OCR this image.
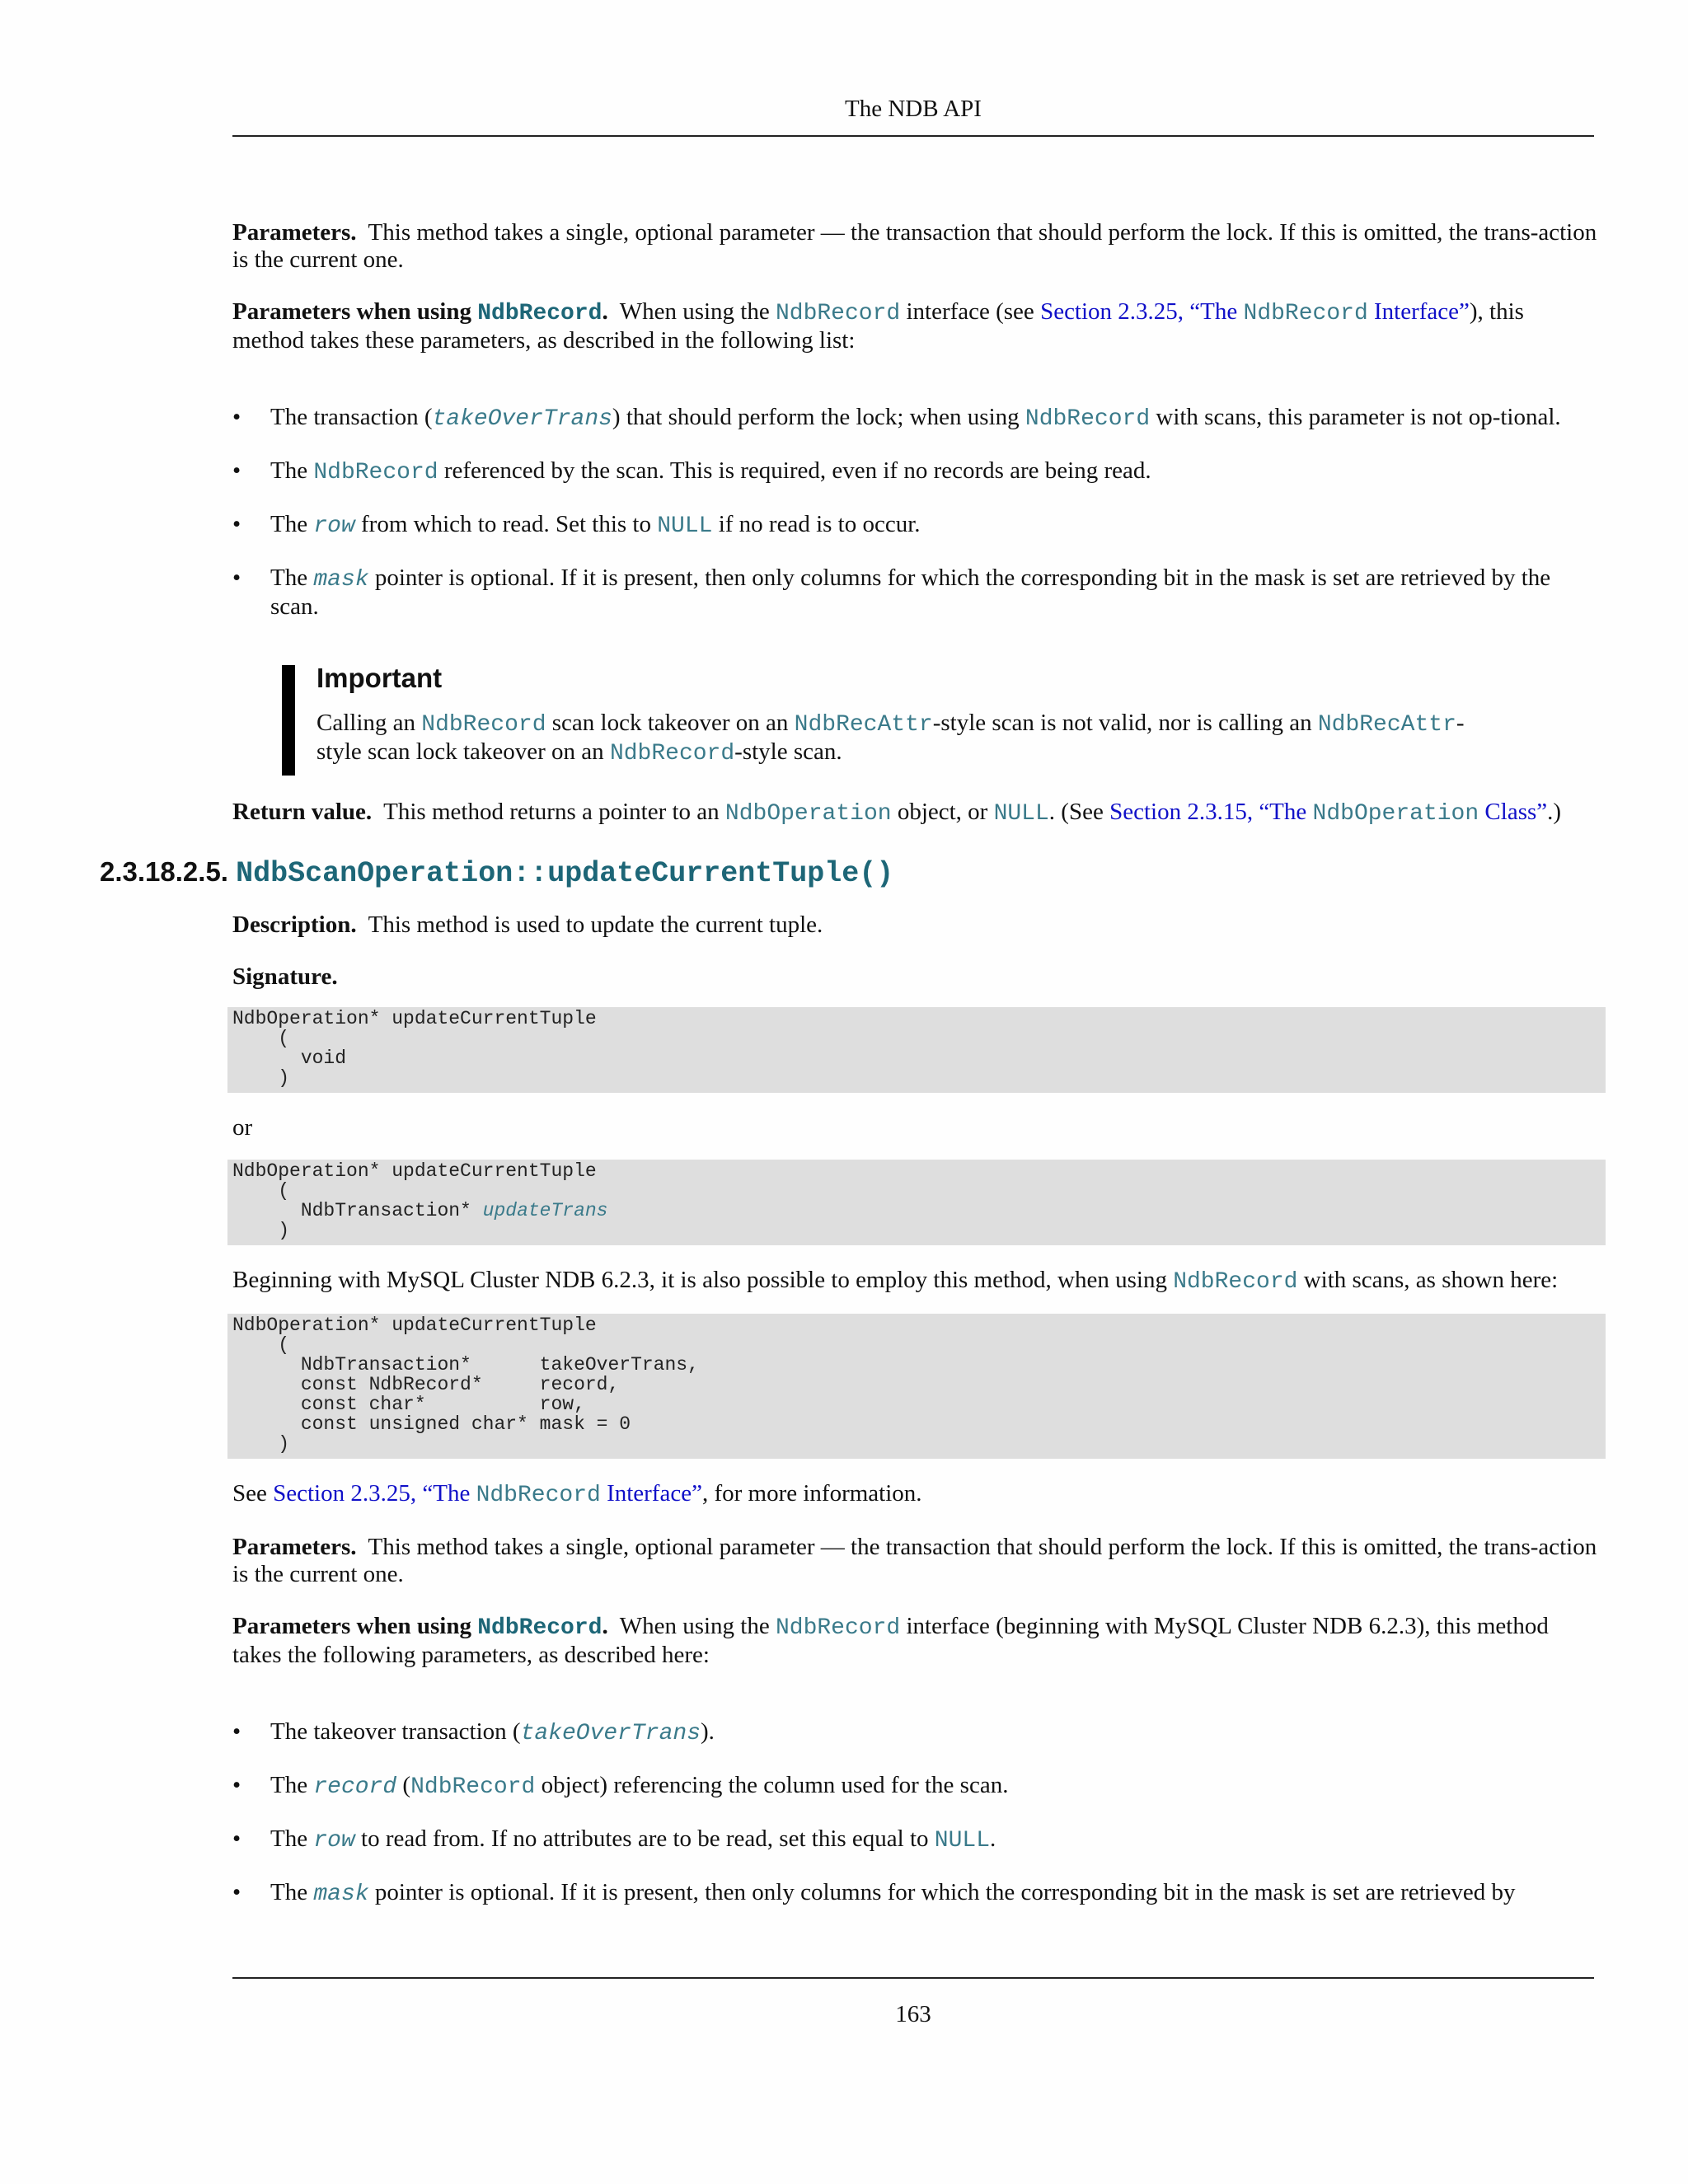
The NDB API

Parameters. This method takes a single, optional parameter — the transaction that should perform the lock. If this is omitted, the trans-action is the current one.

Parameters when using NdbRecord. When using the NdbRecord interface (see Section 2.3.25, “The NdbRecord Interface”), this method takes these parameters, as described in the following list:

• The transaction (takeOverTrans) that should perform the lock; when using NdbRecord with scans, this parameter is not op-tional.
• The NdbRecord referenced by the scan. This is required, even if no records are being read.
• The row from which to read. Set this to NULL if no read is to occur.
• The mask pointer is optional. If it is present, then only columns for which the corresponding bit in the mask is set are retrieved by the scan.
Important
Calling an NdbRecord scan lock takeover on an NdbRecAttr-style scan is not valid, nor is calling an NdbRecAttr-style scan lock takeover on an NdbRecord-style scan.

Return value. This method returns a pointer to an NdbOperation object, or NULL. (See Section 2.3.15, “The NdbOperation Class”.)

2.3.18.2.5. NdbScanOperation::updateCurrentTuple()

Description. This method is used to update the current tuple.

Signature.

NdbOperation* updateCurrentTuple
(
void
)

or

NdbOperation* updateCurrentTuple
(
NdbTransaction* updateTrans
)

Beginning with MySQL Cluster NDB 6.2.3, it is also possible to employ this method, when using NdbRecord with scans, as shown here:

NdbOperation* updateCurrentTuple
(
NdbTransaction*      takeOverTrans,
const NdbRecord*     record,
const char*          row,
const unsigned char* mask = 0
)

See Section 2.3.25, “The NdbRecord Interface”, for more information.

Parameters. This method takes a single, optional parameter — the transaction that should perform the lock. If this is omitted, the trans-action is the current one.

Parameters when using NdbRecord. When using the NdbRecord interface (beginning with MySQL Cluster NDB 6.2.3), this method takes the following parameters, as described here:

• The takeover transaction (takeOverTrans).
• The record (NdbRecord object) referencing the column used for the scan.
• The row to read from. If no attributes are to be read, set this equal to NULL.
• The mask pointer is optional. If it is present, then only columns for which the corresponding bit in the mask is set are retrieved by
163
